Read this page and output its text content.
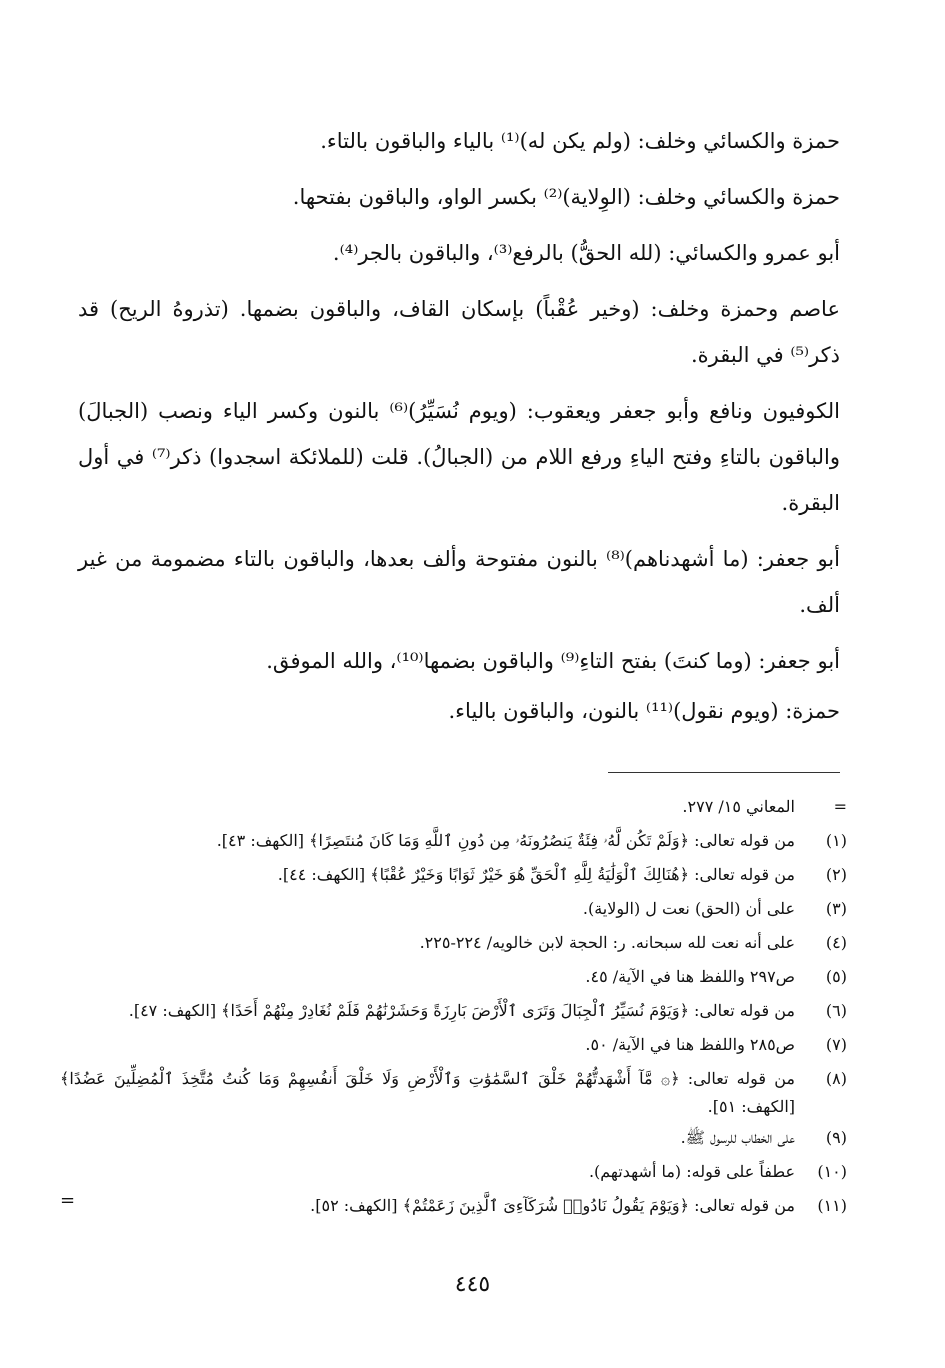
حمزة والكسائي وخلف: (ولم يكن له)⁽¹⁾ بالياء والباقون بالتاء.

حمزة والكسائي وخلف: (الوِلاية)⁽²⁾ بكسر الواو، والباقون بفتحها.

أبو عمرو والكسائي: (لله الحقُّ) بالرفع⁽³⁾، والباقون بالجر⁽⁴⁾.

عاصم وحمزة وخلف: (وخير عُقْباً) بإسكان القاف، والباقون بضمها. (تذروهُ الريح) قد ذكر⁽⁵⁾ في البقرة.

الكوفيون ونافع وأبو جعفر ويعقوب: (ويوم نُسَيِّرُ)⁽⁶⁾ بالنون وكسر الياء ونصب (الجبالَ) والباقون بالتاءِ وفتح الياءِ ورفع اللام من (الجبالُ). قلت (للملائكة اسجدوا) ذكر⁽⁷⁾ في أول البقرة.

أبو جعفر: (ما أشهدناهم)⁽⁸⁾ بالنون مفتوحة وألف بعدها، والباقون بالتاء مضمومة من غير ألف.

أبو جعفر: (وما كنتَ) بفتح التاءِ⁽⁹⁾ والباقون بضمها⁽¹⁰⁾، والله الموفق.

حمزة: (ويوم نقول)⁽¹¹⁾ بالنون، والباقون بالياء.

=
المعاني ١٥/ ٢٧٧.
(١)
من قوله تعالى: ﴿وَلَمْ تَكُن لَّهُۥ فِئَةٌ يَنصُرُونَهُۥ مِن دُونِ ٱللَّهِ وَمَا كَانَ مُنتَصِرًا﴾ [الكهف: ٤٣].
(٢)
من قوله تعالى: ﴿هُنَالِكَ ٱلْوَلَٰيَةُ لِلَّهِ ٱلْحَقِّ هُوَ خَيْرٌ ثَوَابًا وَخَيْرٌ عُقْبًا﴾ [الكهف: ٤٤].
(٣)
على أن (الحق) نعت ل (الولاية).
(٤)
على أنه نعت لله سبحانه. ر: الحجة لابن خالويه/ ٢٢٤-٢٢٥.
(٥)
ص٢٩٧ واللفظ هنا في الآية/ ٤٥.
(٦)
من قوله تعالى: ﴿وَيَوْمَ نُسَيِّرُ ٱلْجِبَالَ وَتَرَى ٱلْأَرْضَ بَارِزَةً وَحَشَرْنَٰهُمْ فَلَمْ نُغَادِرْ مِنْهُمْ أَحَدًا﴾ [الكهف: ٤٧].
(٧)
ص٢٨٥ واللفظ هنا في الآية/ ٥٠.
(٨)
من قوله تعالى: ﴿۞ مَّآ أَشْهَدتُّهُمْ خَلْقَ ٱلسَّمَٰوَٰتِ وَٱلْأَرْضِ وَلَا خَلْقَ أَنفُسِهِمْ وَمَا كُنتُ مُتَّخِذَ ٱلْمُضِلِّينَ عَضُدًا﴾ [الكهف: ٥١].
(٩)
على الخطاب للرسول ﷺ.
(١٠)
عطفاً على قوله: (ما أشهدتهم).
(١١)
من قوله تعالى: ﴿وَيَوْمَ يَقُولُ نَادُوا۟ شُرَكَآءِىَ ٱلَّذِينَ زَعَمْتُمْ﴾ [الكهف: ٥٢].
=
٤٤٥
